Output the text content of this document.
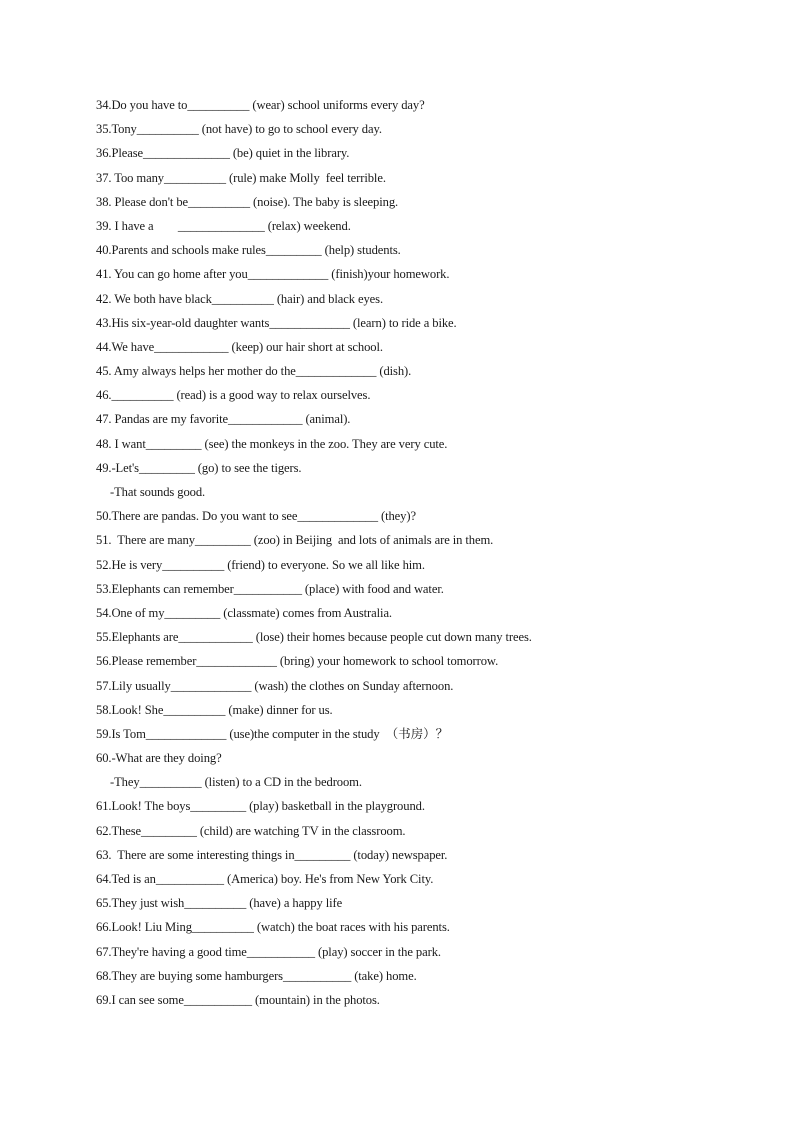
34.Do you have to__________ (wear) school uniforms every day?
35.Tony__________ (not have) to go to school every day.
36.Please______________ (be) quiet in the library.
37. Too many__________ (rule) make Molly  feel terrible.
38. Please don't be__________ (noise). The baby is sleeping.
39. I have a        ______________ (relax) weekend.
40.Parents and schools make rules_________ (help) students.
41. You can go home after you_____________ (finish)your homework.
42. We both have black__________ (hair) and black eyes.
43.His six-year-old daughter wants_____________ (learn) to ride a bike.
44.We have____________ (keep) our hair short at school.
45. Amy always helps her mother do the_____________ (dish).
46.__________ (read) is a good way to relax ourselves.
47. Pandas are my favorite____________ (animal).
48. I want_________ (see) the monkeys in the zoo. They are very cute.
49.-Let's_________ (go) to see the tigers.
-That sounds good.
50.There are pandas. Do you want to see_____________ (they)?
51.  There are many_________ (zoo) in Beijing  and lots of animals are in them.
52.He is very__________ (friend) to everyone. So we all like him.
53.Elephants can remember___________ (place) with food and water.
54.One of my_________ (classmate) comes from Australia.
55.Elephants are____________ (lose) their homes because people cut down many trees.
56.Please remember_____________ (bring) your homework to school tomorrow.
57.Lily usually_____________ (wash) the clothes on Sunday afternoon.
58.Look! She__________ (make) dinner for us.
59.Is Tom_____________ (use)the computer in the study  （书房）？
60.-What are they doing?
-They__________ (listen) to a CD in the bedroom.
61.Look! The boys_________ (play) basketball in the playground.
62.These_________ (child) are watching TV in the classroom.
63.  There are some interesting things in_________ (today) newspaper.
64.Ted is an___________ (America) boy. He's from New York City.
65.They just wish__________ (have) a happy life
66.Look! Liu Ming__________ (watch) the boat races with his parents.
67.They're having a good time___________ (play) soccer in the park.
68.They are buying some hamburgers___________ (take) home.
69.I can see some___________ (mountain) in the photos.
